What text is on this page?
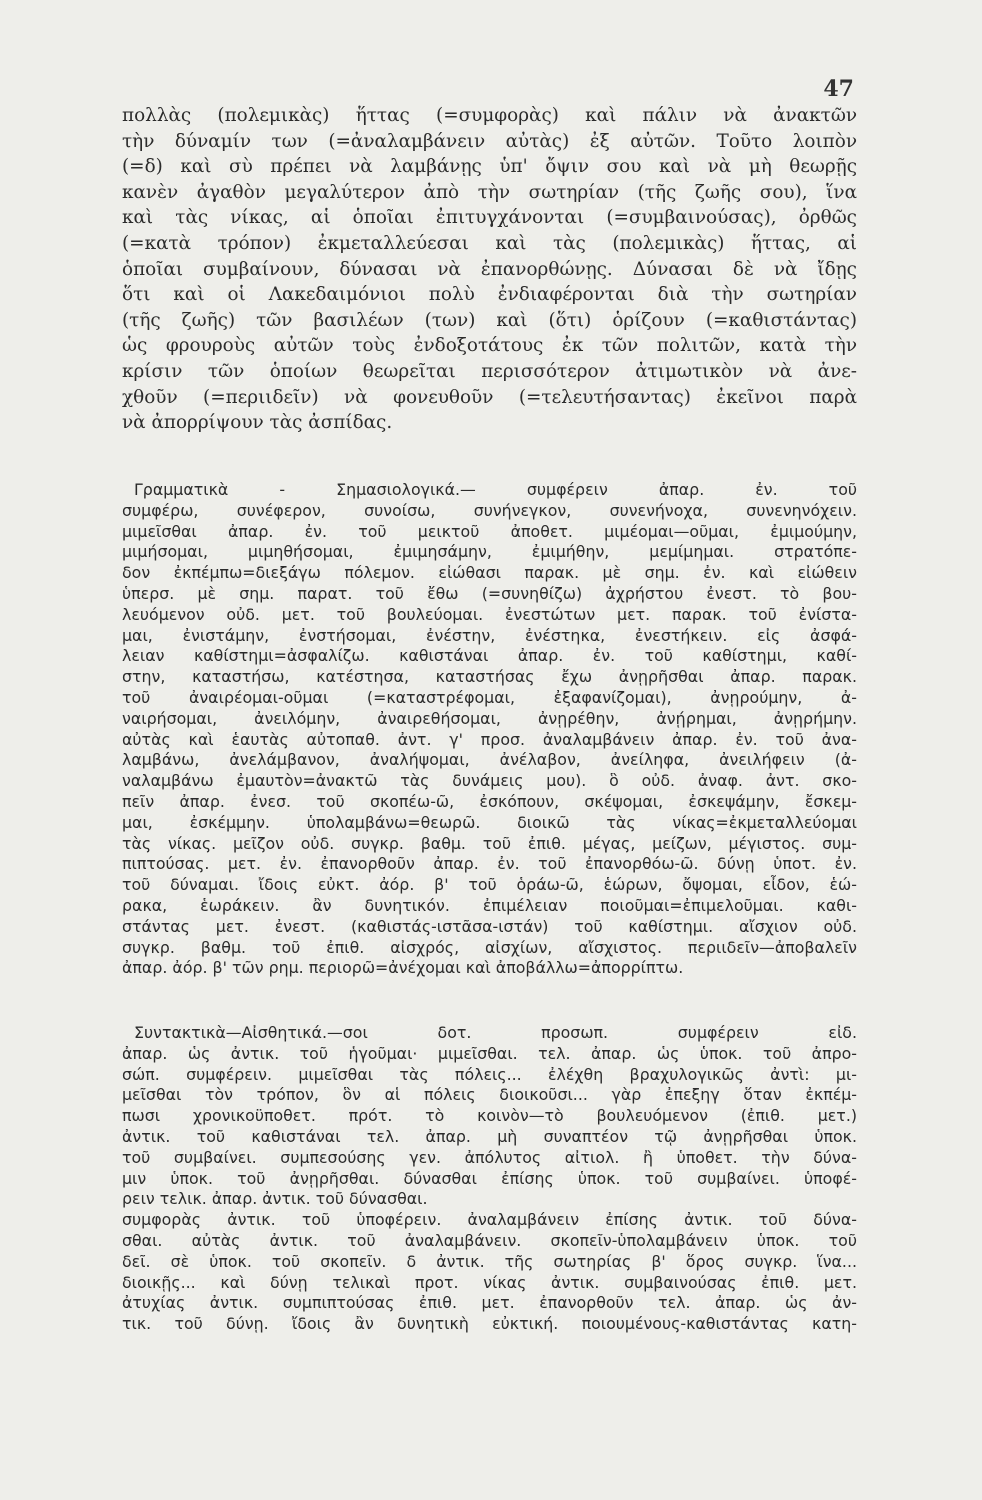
47
πολλὰς (πολεμικὰς) ἥττας (=συμφορὰς) καὶ πάλιν νὰ ἀνακτῶν
τὴν δύναμίν των (=ἀναλαμβάνειν αὐτὰς) ἐξ αὐτῶν. Τοῦτο λοιπὸν
(=δ) καὶ σὺ πρέπει νὰ λαμβάνῃς ὑπ' ὄψιν σου καὶ νὰ μὴ θεωρῇς
κανὲν ἀγαθὸν μεγαλύτερον ἀπὸ τὴν σωτηρίαν (τῆς ζωῆς σου), ἵνα
καὶ τὰς νίκας, αἱ ὁποῖαι ἐπιτυγχάνονται (=συμβαινούσας), ὀρθῶς
(=κατὰ τρόπον) ἐκμεταλλεύεσαι καὶ τὰς (πολεμικὰς) ἥττας, αἱ
ὁποῖαι συμβαίνουν, δύνασαι νὰ ἐπανορθώνῃς. Δύνασαι δὲ νὰ ἴδῃς
ὅτι καὶ οἱ Λακεδαιμόνιοι πολὺ ἐνδιαφέρονται διὰ τὴν σωτηρίαν
(τῆς ζωῆς) τῶν βασιλέων (των) καὶ (ὅτι) ὁρίζουν (=καθιστάντας)
ὡς φρουροὺς αὐτῶν τοὺς ἐνδοξοτάτους ἐκ τῶν πολιτῶν, κατὰ τὴν
κρίσιν τῶν ὁποίων θεωρεῖται περισσότερον ἀτιμωτικὸν νὰ ἀνε-
χθοῦν (=περιιδεῖν) νὰ φονευθοῦν (=τελευτήσαντας) ἐκεῖνοι παρὰ
νὰ ἀπορρίψουν τὰς ἀσπίδας.
Γραμματικὰ - Σημασιολογικά.— συμφέρειν ἀπαρ. ἐν. τοῦ
συμφέρω, συνέφερον, συνοίσω, συνήνεγκον, συνενήνοχα, συνενηνόχειν.
μιμεῖσθαι ἀπαρ. ἐν. τοῦ μεικτοῦ ἀποθετ. μιμέομαι—οῦμαι, ἐμιμούμην,
μιμήσομαι, μιμηθήσομαι, ἐμιμησάμην, ἐμιμήθην, μεμίμημαι. στρατόπε-
δον ἐκπέμπω=διεξάγω πόλεμον. εἰώθασι παρακ. μὲ σημ. ἐν. καὶ εἰώθειν
ὑπερσ. μὲ σημ. παρατ. τοῦ ἔθω (=συνηθίζω) ἀχρήστου ἐνεστ. τὸ βου-
λευόμενον οὐδ. μετ. τοῦ βουλεύομαι. ἐνεστώτων μετ. παρακ. τοῦ ἐνίστα-
μαι, ἐνιστάμην, ἐνστήσομαι, ἐνέστην, ἐνέστηκα, ἐνεστήκειν. εἰς ἀσφά-
λειαν καθίστημι=ἀσφαλίζω. καθιστάναι ἀπαρ. ἐν. τοῦ καθίστημι, καθί-
στην, καταστήσω, κατέστησα, καταστήσας ἔχω ἀνῃρῆσθαι ἀπαρ. παρακ.
τοῦ ἀναιρέομαι-οῦμαι (=καταστρέφομαι, ἐξαφανίζομαι), ἀνῃρούμην, ἀ-
ναιρήσομαι, ἀνειλόμην, ἀναιρεθήσομαι, ἀνῃρέθην, ἀνῄρημαι, ἀνῃρήμην.
αὐτὰς καὶ ἑαυτὰς αὐτοπαθ. ἀντ. γ' προσ. ἀναλαμβάνειν ἀπαρ. ἐν. τοῦ ἀνα-
λαμβάνω, ἀνελάμβανον, ἀναλήψομαι, ἀνέλαβον, ἀνείληφα, ἀνειλήφειν (ἀ-
ναλαμβάνω ἐμαυτὸν=ἀνακτῶ τὰς δυνάμεις μου). ὃ οὐδ. ἀναφ. ἀντ. σκο-
πεῖν ἀπαρ. ἐνεσ. τοῦ σκοπέω-ῶ, ἐσκόπουν, σκέψομαι, ἐσκεψάμην, ἔσκεμ-
μαι, ἐσκέμμην. ὑπολαμβάνω=θεωρῶ. διοικῶ τὰς νίκας=ἐκμεταλλεύομαι
τὰς νίκας. μεῖζον οὐδ. συγκρ. βαθμ. τοῦ ἐπιθ. μέγας, μείζων, μέγιστος. συμ-
πιπτούσας. μετ. ἐν. ἐπανορθοῦν ἀπαρ. ἐν. τοῦ ἐπανορθόω-ῶ. δύνῃ ὑποτ. ἐν.
τοῦ δύναμαι. ἴδοις εὐκτ. ἀόρ. β' τοῦ ὁράω-ῶ, ἑώρων, ὄψομαι, εἶδον, ἑώ-
ρακα, ἑωράκειν. ἂν δυνητικόν. ἐπιμέλειαν ποιοῦμαι=ἐπιμελοῦμαι. καθι-
στάντας μετ. ἐνεστ. (καθιστάς-ιστᾶσα-ιστάν) τοῦ καθίστημι. αἴσχιον οὐδ.
συγκρ. βαθμ. τοῦ ἐπιθ. αἰσχρός, αἰσχίων, αἴσχιστος. περιιδεῖν—ἀποβαλεῖν
ἀπαρ. ἀόρ. β' τῶν ρημ. περιορῶ=ἀνέχομαι καὶ ἀποβάλλω=ἀπορρίπτω.
Συντακτικὰ—Αἰσθητικά.—σοι δοτ. προσωπ. συμφέρειν εἰδ.
ἀπαρ. ὡς ἀντικ. τοῦ ἡγοῦμαι· μιμεῖσθαι. τελ. ἀπαρ. ὡς ὑποκ. τοῦ ἀπρο-
σώπ. συμφέρειν. μιμεῖσθαι τὰς πόλεις... ἐλέχθη βραχυλογικῶς ἀντὶ: μι-
μεῖσθαι τὸν τρόπον, ὃν αἱ πόλεις διοικοῦσι... γὰρ ἐπεξηγ ὅταν ἐκπέμ-
πωσι χρονικοϋποθετ. πρότ. τὸ κοινὸν—τὸ βουλευόμενον (ἐπιθ. μετ.)
ἀντικ. τοῦ καθιστάναι τελ. ἀπαρ. μὴ συναπτέον τῷ ἀνῃρῆσθαι ὑποκ.
τοῦ συμβαίνει. συμπεσούσης γεν. ἀπόλυτος αἰτιολ. ἢ ὑποθετ. τὴν δύνα-
μιν ὑποκ. τοῦ ἀνῃρῆσθαι. δύνασθαι ἐπίσης ὑποκ. τοῦ συμβαίνει. ὑποφέ-
ρειν τελικ. ἀπαρ. ἀντικ. τοῦ δύνασθαι.
συμφορὰς ἀντικ. τοῦ ὑποφέρειν. ἀναλαμβάνειν ἐπίσης ἀντικ. τοῦ δύνα-
σθαι. αὐτὰς ἀντικ. τοῦ ἀναλαμβάνειν. σκοπεῖν-ὑπολαμβάνειν ὑποκ. τοῦ
δεῖ. σὲ ὑποκ. τοῦ σκοπεῖν. δ ἀντικ. τῆς σωτηρίας β' ὅρος συγκρ. ἵνα...
διοικῇς... καὶ δύνῃ τελικαὶ προτ. νίκας ἀντικ. συμβαινούσας ἐπιθ. μετ.
ἀτυχίας ἀντικ. συμπιπτούσας ἐπιθ. μετ. ἐπανορθοῦν τελ. ἀπαρ. ὡς ἀν-
τικ. τοῦ δύνῃ. ἴδοις ἂν δυνητικὴ εὐκτική. ποιουμένους-καθιστάντας κατη-
